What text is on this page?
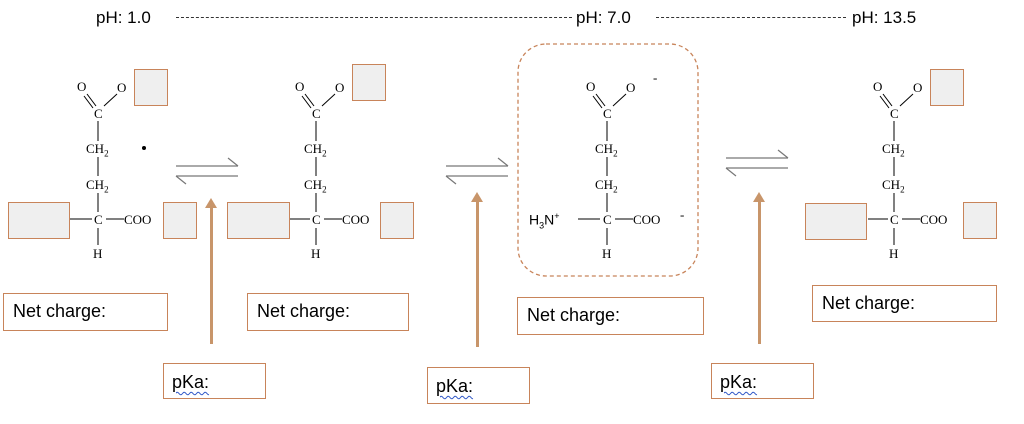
pH: 1.0	pH: 7.0	pH: 13.5
O O
C
$CH_2$
$CH_2$
C COO
H
Net charge:
O O
C
$CH_2$
$CH_2$
C COO
H
Net charge:
O O
-
C
$CH_2$
$CH_2$
C COO -
H
$H_3N^+$
Net charge:
O O
C
$CH_2$
$CH_2$
C COO
H
Net charge:
pKa:	pKa:	pKa:
